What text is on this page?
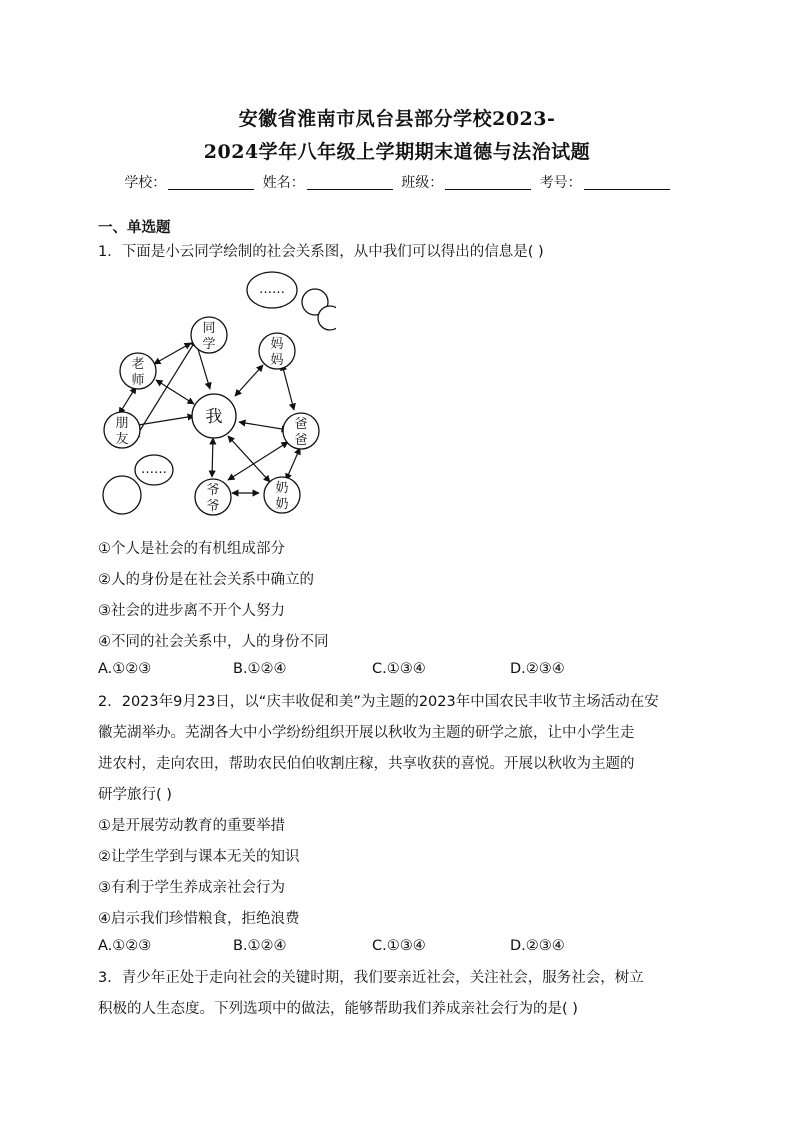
安徽省淮南市凤台县部分学校2023-
2024学年八年级上学期期末道德与法治试题
学校：	姓名：	班级：	考号：
一、单选题
1．下面是小云同学绘制的社会关系图，从中我们可以得出的信息是( )
……
……
同
学
老
师
妈
妈
我
朋
友
爸
爸
爷
爷
奶
奶
①个人是社会的有机组成部分
②人的身份是在社会关系中确立的
③社会的进步离不开个人努力
④不同的社会关系中，人的身份不同
A.①②③	B.①②④	C.①③④	D.②③④
2．2023年9月23日，以“庆丰收促和美”为主题的2023年中国农民丰收节主场活动在安
徽芜湖举办。芜湖各大中小学纷纷组织开展以秋收为主题的研学之旅，让中小学生走
进农村，走向农田，帮助农民伯伯收割庄稼，共享收获的喜悦。开展以秋收为主题的
研学旅行( )
①是开展劳动教育的重要举措
②让学生学到与课本无关的知识
③有利于学生养成亲社会行为
④启示我们珍惜粮食，拒绝浪费
A.①②③	B.①②④	C.①③④	D.②③④
3．青少年正处于走向社会的关键时期，我们要亲近社会，关注社会，服务社会，树立
积极的人生态度。下列选项中的做法，能够帮助我们养成亲社会行为的是( )
